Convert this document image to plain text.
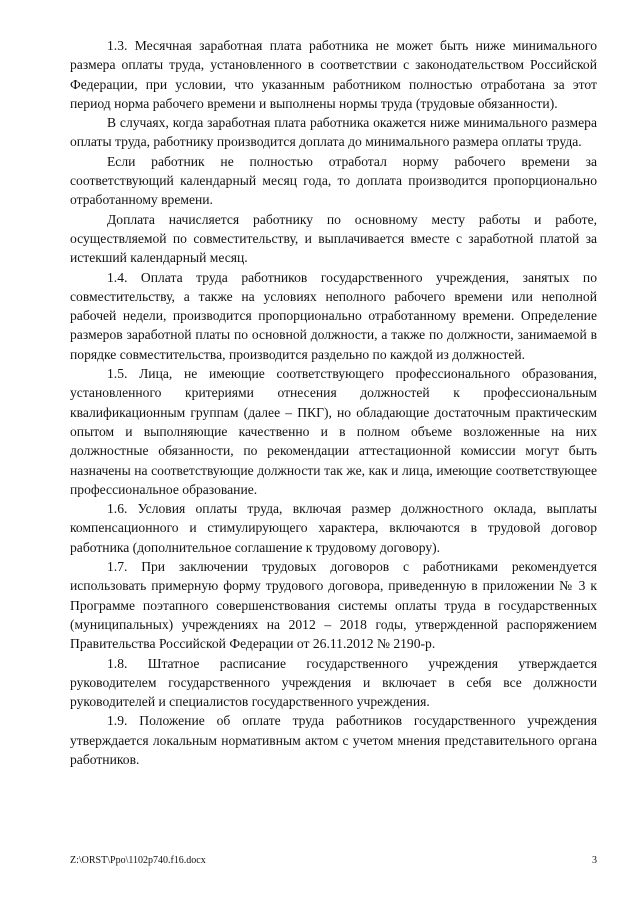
1.3. Месячная заработная плата работника не может быть ниже минимального размера оплаты труда, установленного в соответствии с законодательством Российской Федерации, при условии, что указанным работником полностью отработана за этот период норма рабочего времени и выполнены нормы труда (трудовые обязанности).

В случаях, когда заработная плата работника окажется ниже минимального размера оплаты труда, работнику производится доплата до минимального размера оплаты труда.

Если работник не полностью отработал норму рабочего времени за соответствующий календарный месяц года, то доплата производится пропорционально отработанному времени.

Доплата начисляется работнику по основному месту работы и работе, осуществляемой по совместительству, и выплачивается вместе с заработной платой за истекший календарный месяц.

1.4. Оплата труда работников государственного учреждения, занятых по совместительству, а также на условиях неполного рабочего времени или неполной рабочей недели, производится пропорционально отработанному времени. Определение размеров заработной платы по основной должности, а также по должности, занимаемой в порядке совместительства, производится раздельно по каждой из должностей.

1.5. Лица, не имеющие соответствующего профессионального образования, установленного критериями отнесения должностей к профессиональным квалификационным группам (далее – ПКГ), но обладающие достаточным практическим опытом и выполняющие качественно и в полном объеме возложенные на них должностные обязанности, по рекомендации аттестационной комиссии могут быть назначены на соответствующие должности так же, как и лица, имеющие соответствующее профессиональное образование.

1.6. Условия оплаты труда, включая размер должностного оклада, выплаты компенсационного и стимулирующего характера, включаются в трудовой договор работника (дополнительное соглашение к трудовому договору).

1.7. При заключении трудовых договоров с работниками рекомендуется использовать примерную форму трудового договора, приведенную в приложении № 3 к Программе поэтапного совершенствования системы оплаты труда в государственных (муниципальных) учреждениях на 2012 – 2018 годы, утвержденной распоряжением Правительства Российской Федерации от 26.11.2012 № 2190-р.

1.8. Штатное расписание государственного учреждения утверждается руководителем государственного учреждения и включает в себя все должности руководителей и специалистов государственного учреждения.

1.9. Положение об оплате труда работников государственного учреждения утверждается локальным нормативным актом с учетом мнения представительного органа работников.

Z:\ORST\Ppo\1102p740.f16.docx	3
